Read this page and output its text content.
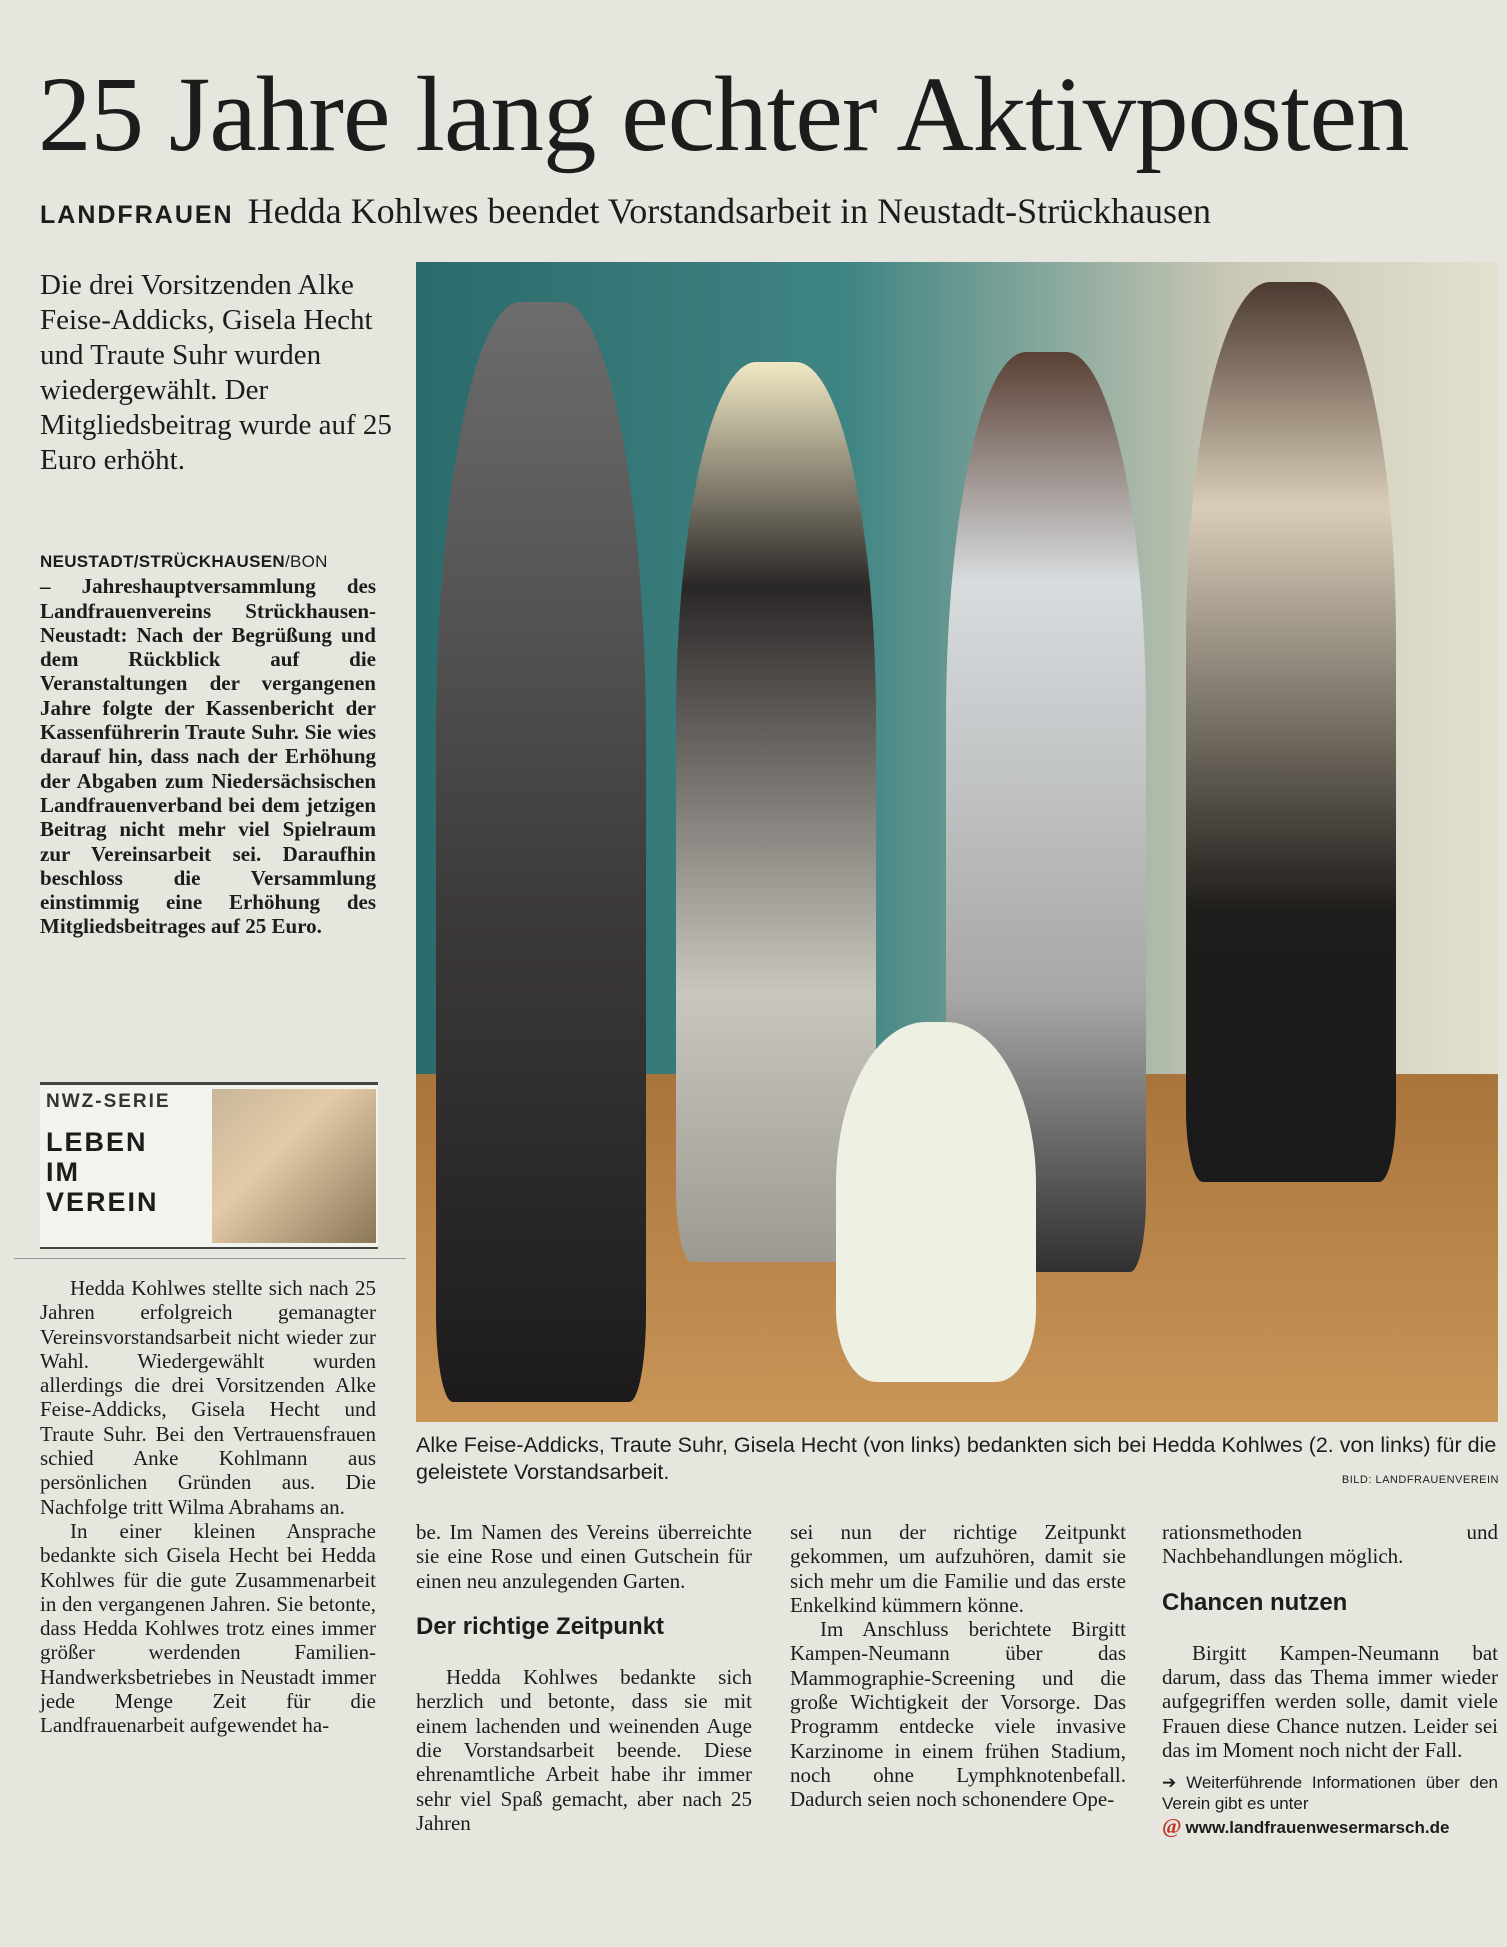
25 Jahre lang echter Aktivposten
LANDFRAUEN Hedda Kohlwes beendet Vorstandsarbeit in Neustadt-Strückhausen
Die drei Vorsitzenden Alke Feise-Addicks, Gisela Hecht und Traute Suhr wurden wiedergewählt. Der Mitgliedsbeitrag wurde auf 25 Euro erhöht.

NEUSTADT/STRÜCKHAUSEN/BON

– Jahreshauptversammlung des Landfrauenvereins Strückhausen-Neustadt: Nach der Begrüßung und dem Rückblick auf die Veranstaltungen der vergangenen Jahre folgte der Kassenbericht der Kassenführerin Traute Suhr. Sie wies darauf hin, dass nach der Erhöhung der Abgaben zum Niedersächsischen Landfrauenverband bei dem jetzigen Beitrag nicht mehr viel Spielraum zur Vereinsarbeit sei. Daraufhin beschloss die Versammlung einstimmig eine Erhöhung des Mitgliedsbeitrages auf 25 Euro.

NWZ-SERIE
LEBEN IM VEREIN

Hedda Kohlwes stellte sich nach 25 Jahren erfolgreich gemanagter Vereinsvorstandsarbeit nicht wieder zur Wahl. Wiedergewählt wurden allerdings die drei Vorsitzenden Alke Feise-Addicks, Gisela Hecht und Traute Suhr. Bei den Vertrauensfrauen schied Anke Kohlmann aus persönlichen Gründen aus. Die Nachfolge tritt Wilma Abrahams an.

In einer kleinen Ansprache bedankte sich Gisela Hecht bei Hedda Kohlwes für die gute Zusammenarbeit in den vergangenen Jahren. Sie betonte, dass Hedda Kohlwes trotz eines immer größer werdenden Familien-Handwerksbetriebes in Neustadt immer jede Menge Zeit für die Landfrauenarbeit aufgewendet ha-

Alke Feise-Addicks, Traute Suhr, Gisela Hecht (von links) bedankten sich bei Hedda Kohlwes (2. von links) für die geleistete Vorstandsarbeit.	BILD: LANDFRAUENVEREIN

be. Im Namen des Vereins überreichte sie eine Rose und einen Gutschein für einen neu anzulegenden Garten.

Der richtige Zeitpunkt

Hedda Kohlwes bedankte sich herzlich und betonte, dass sie mit einem lachenden und weinenden Auge die Vorstandsarbeit beende. Diese ehrenamtliche Arbeit habe ihr immer sehr viel Spaß gemacht, aber nach 25 Jahren

sei nun der richtige Zeitpunkt gekommen, um aufzuhören, damit sie sich mehr um die Familie und das erste Enkelkind kümmern könne.

Im Anschluss berichtete Birgitt Kampen-Neumann über das Mammographie-Screening und die große Wichtigkeit der Vorsorge. Das Programm entdecke viele invasive Karzinome in einem frühen Stadium, noch ohne Lymphknotenbefall. Dadurch seien noch schonendere Ope-

rationsmethoden und Nachbehandlungen möglich.

Chancen nutzen

Birgitt Kampen-Neumann bat darum, dass das Thema immer wieder aufgegriffen werden solle, damit viele Frauen diese Chance nutzen. Leider sei das im Moment noch nicht der Fall.

➔ Weiterführende Informationen über den Verein gibt es unter
@ www.landfrauenwesermarsch.de
